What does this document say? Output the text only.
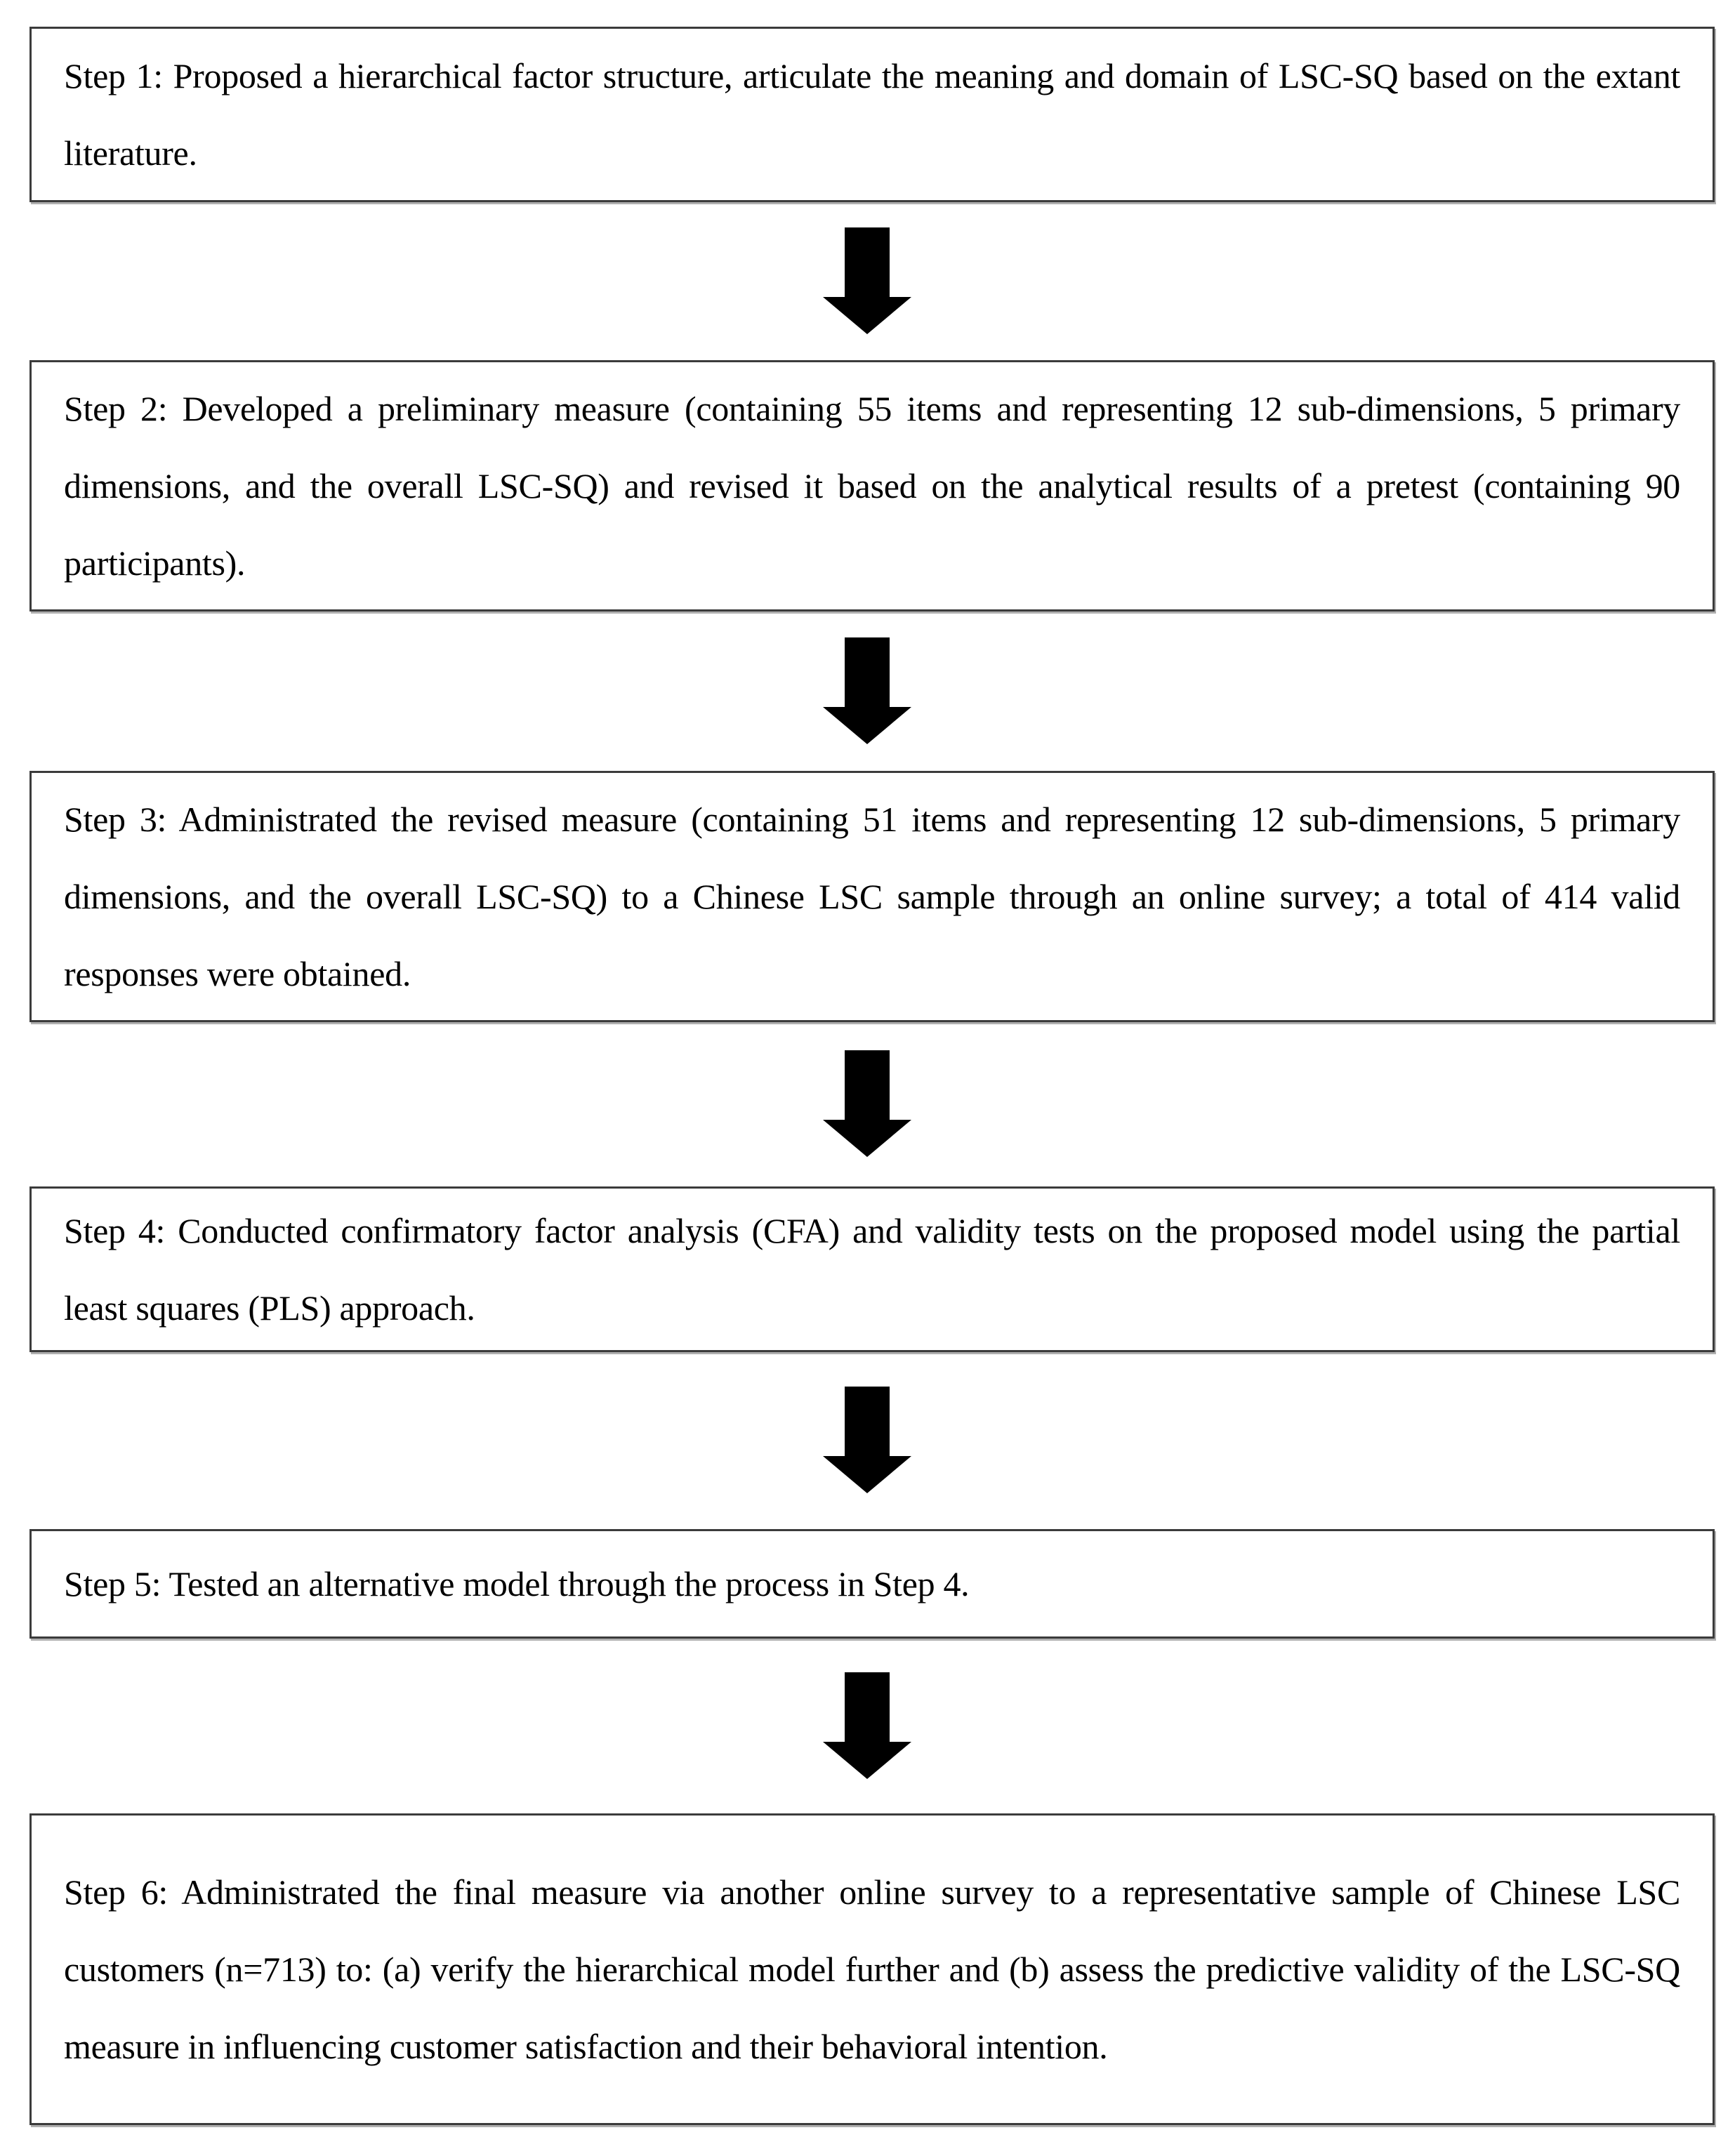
Step 1: Proposed a hierarchical factor structure, articulate the meaning and domain of LSC-SQ based on the extant literature.

Step 2: Developed a preliminary measure (containing 55 items and representing 12 sub-dimensions, 5 primary dimensions, and the overall LSC-SQ) and revised it based on the analytical results of a pretest (containing 90 participants).

Step 3: Administrated the revised measure (containing 51 items and representing 12 sub-dimensions, 5 primary dimensions, and the overall LSC-SQ) to a Chinese LSC sample through an online survey; a total of 414 valid responses were obtained.

Step 4: Conducted confirmatory factor analysis (CFA) and validity tests on the proposed model using the partial least squares (PLS) approach.

Step 5: Tested an alternative model through the process in Step 4.

Step 6: Administrated the final measure via another online survey to a representative sample of Chinese LSC customers (n=713) to: (a) verify the hierarchical model further and (b) assess the predictive validity of the LSC-SQ measure in influencing customer satisfaction and their behavioral intention.
